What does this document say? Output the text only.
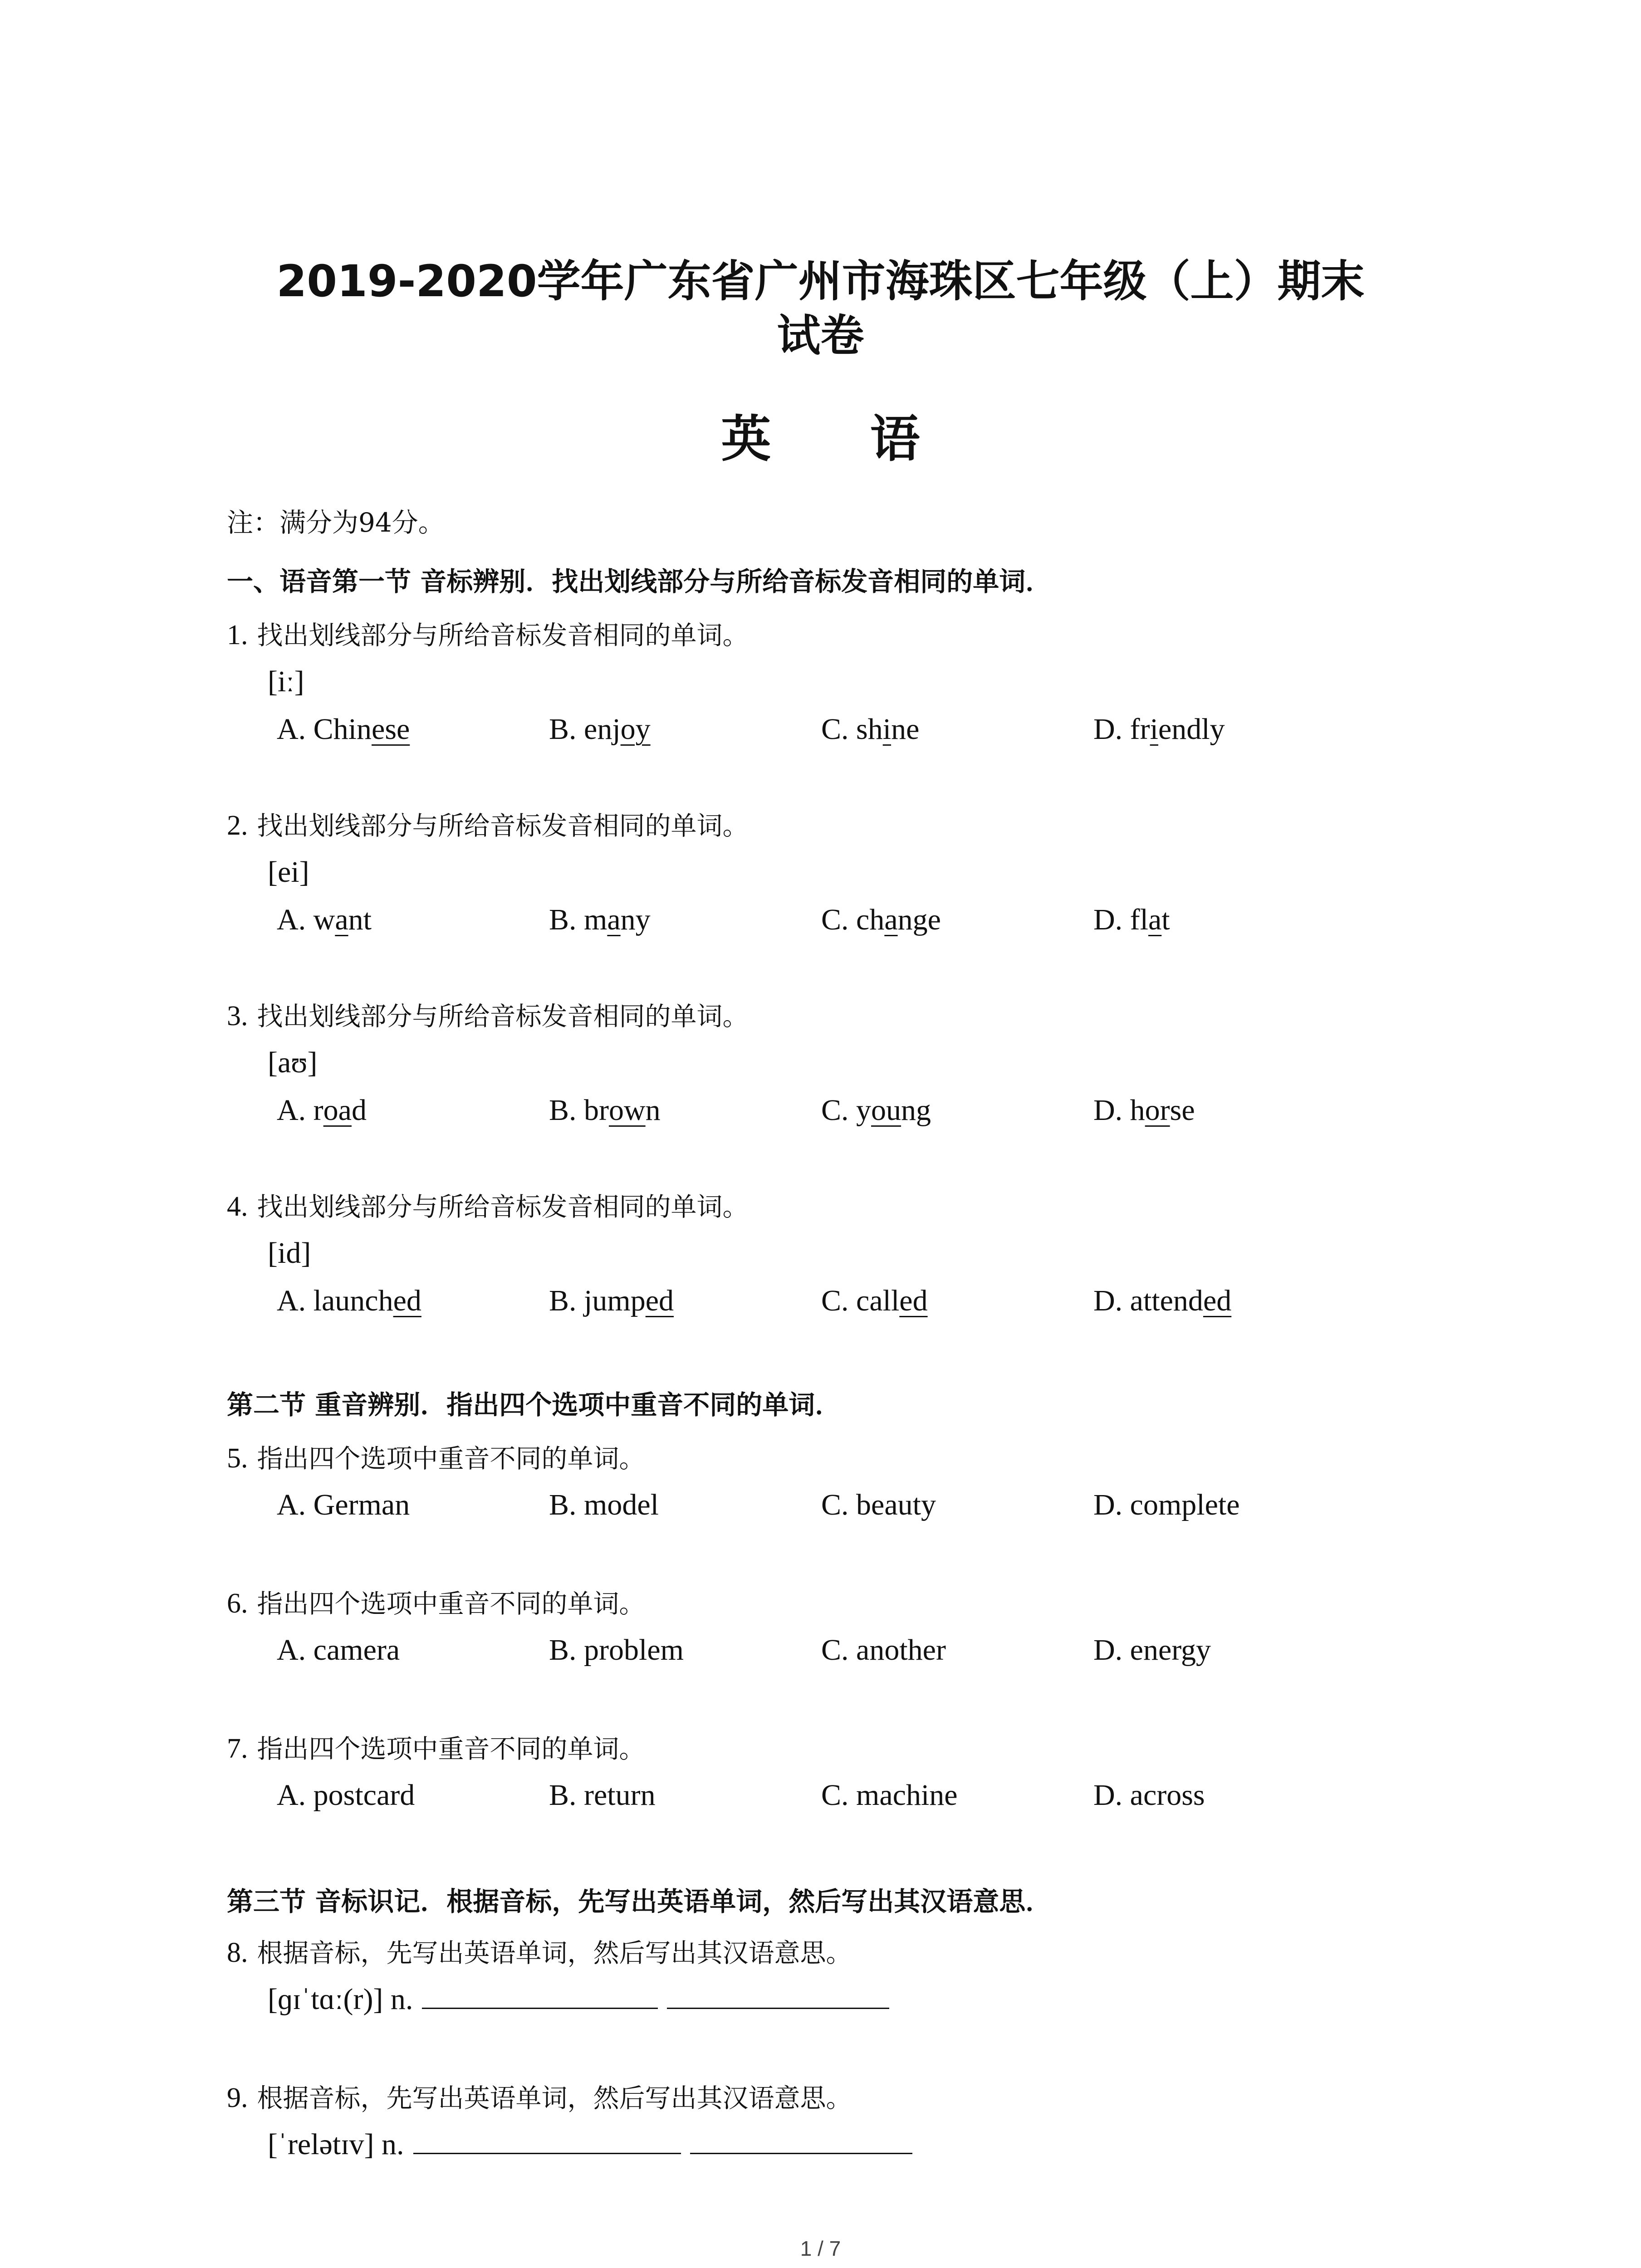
2019-2020学年广东省广州市海珠区七年级（上）期末
试卷
英 语
注：满分为94分。
一、语音第一节 音标辨别．找出划线部分与所给音标发音相同的单词．
1. 找出划线部分与所给音标发音相同的单词。
[iː]
A. Chinese	B. enjoy	C. shine	D. friendly
2. 找出划线部分与所给音标发音相同的单词。
[ei]
A. want	B. many	C. change	D. flat
3. 找出划线部分与所给音标发音相同的单词。
[aʊ]
A. road	B. brown	C. young	D. horse
4. 找出划线部分与所给音标发音相同的单词。
[id]
A. launched	B. jumped	C. called	D. attended
第二节 重音辨别．指出四个选项中重音不同的单词．
5. 指出四个选项中重音不同的单词。
A. German	B. model	C. beauty	D. complete
6. 指出四个选项中重音不同的单词。
A. camera	B. problem	C. another	D. energy
7. 指出四个选项中重音不同的单词。
A. postcard	B. return	C. machine	D. across
第三节 音标识记．根据音标，先写出英语单词，然后写出其汉语意思．
8. 根据音标，先写出英语单词，然后写出其汉语意思。
[ɡɪˈtɑː(r)] n.
9. 根据音标，先写出英语单词，然后写出其汉语意思。
[ˈrelətɪv] n.
1 / 7
